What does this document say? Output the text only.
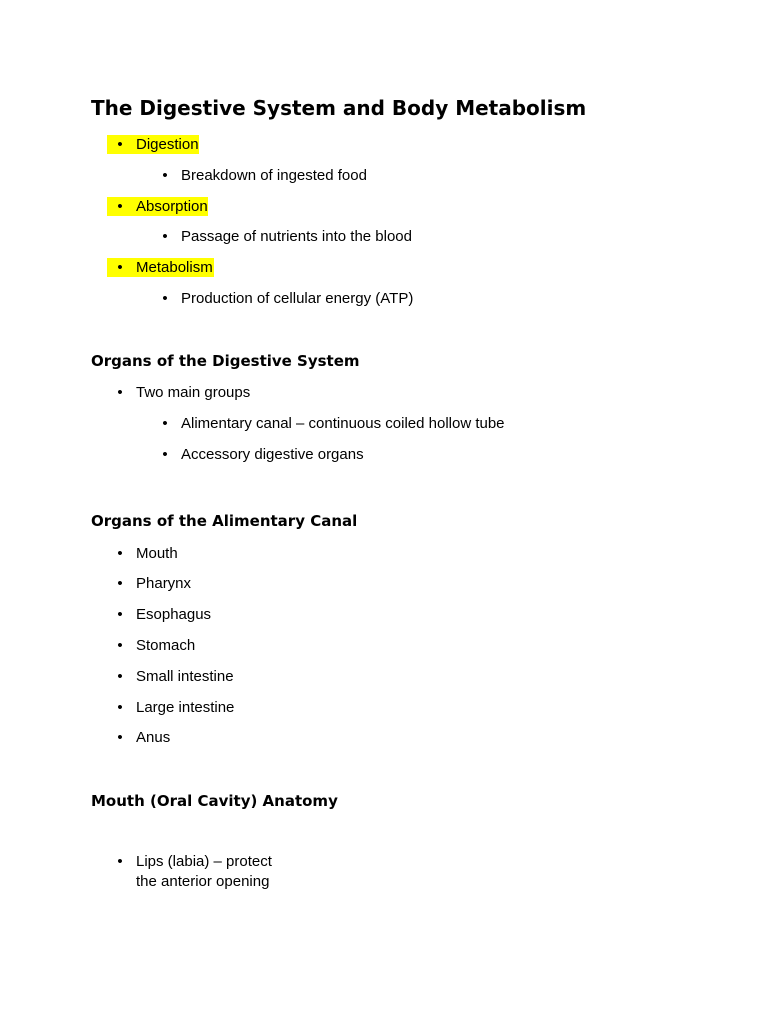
The Digestive System and Body Metabolism
• Digestion
• Breakdown of ingested food
• Absorption
• Passage of nutrients into the blood
• Metabolism
• Production of cellular energy (ATP)
Organs of the Digestive System
• Two main groups
• Alimentary canal – continuous coiled hollow tube
• Accessory digestive organs
Organs of the Alimentary Canal
• Mouth
• Pharynx
• Esophagus
• Stomach
• Small intestine
• Large intestine
• Anus
Mouth (Oral Cavity) Anatomy
• Lips (labia) – protect
the anterior opening
